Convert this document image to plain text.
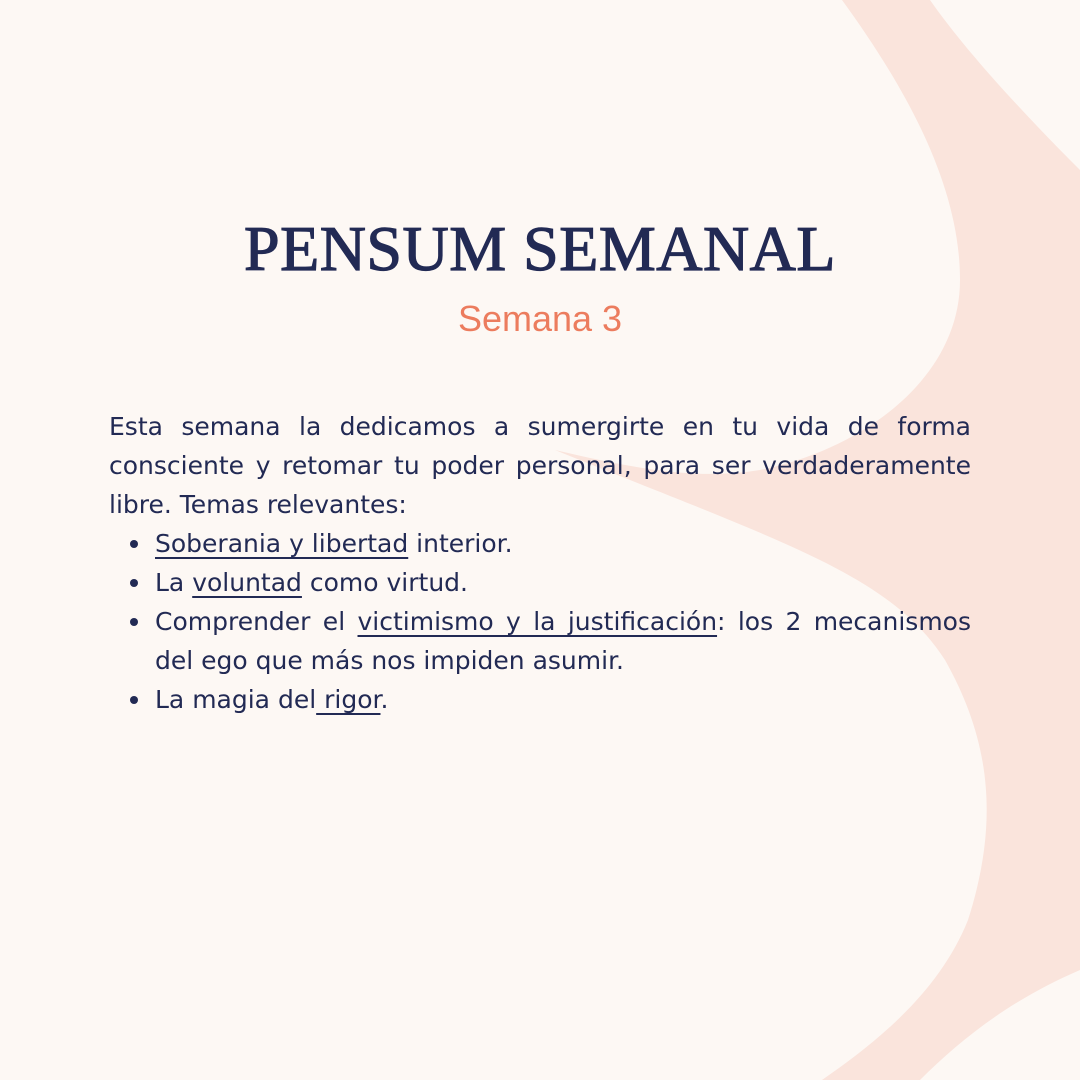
PENSUM SEMANAL
Semana 3

Esta semana la dedicamos a sumergirte en tu vida de forma consciente y retomar tu poder personal, para ser verdaderamente libre. Temas relevantes:

Soberania y libertad interior.
La voluntad como virtud.
Comprender el victimismo y la justificación: los 2 mecanismos del ego que más nos impiden asumir.
La magia del rigor.
